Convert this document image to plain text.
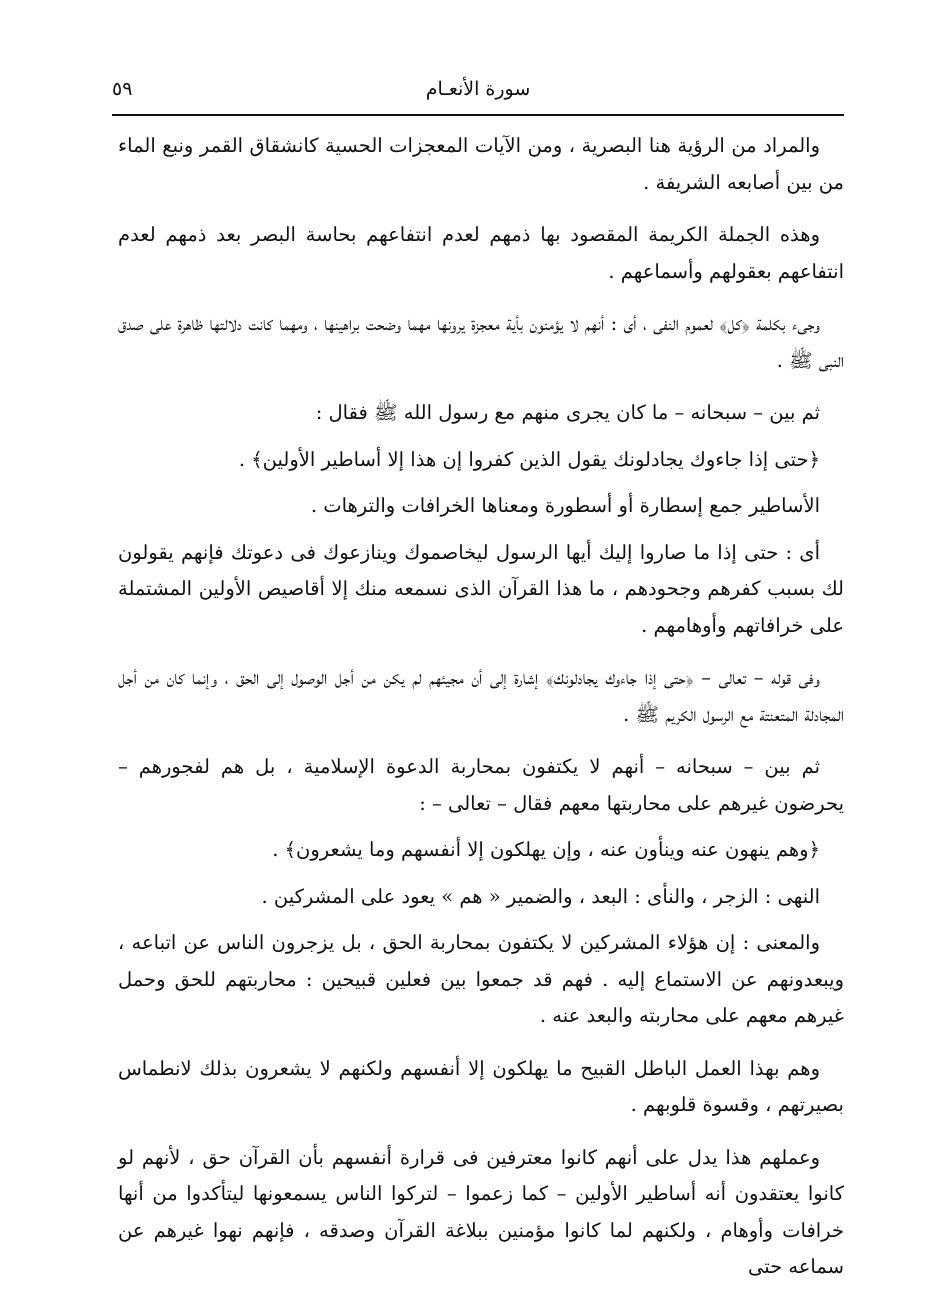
٥٩	سورة الأنعـام

والمراد من الرؤية هنا البصرية ، ومن الآيات المعجزات الحسية كانشقاق القمر ونبع الماء من بين أصابعه الشريفة .

وهذه الجملة الكريمة المقصود بها ذمهم لعدم انتفاعهم بحاسة البصر بعد ذمهم لعدم انتفاعهم بعقولهم وأسماعهم .

وجىء بكلمة ﴿كل﴾ لعموم النفى ، أى : أنهم لا يؤمنون بأية معجزة يرونها مهما وضحت براهينها ، ومهما كانت دلالتها ظاهرة على صدق النبى ﷺ .

ثم بين – سبحانه – ما كان يجرى منهم مع رسول الله ﷺ فقال :

﴿حتى إذا جاءوك يجادلونك يقول الذين كفروا إن هذا إلا أساطير الأولين﴾ .

الأساطير جمع إسطارة أو أسطورة ومعناها الخرافات والترهات .

أى : حتى إذا ما صاروا إليك أيها الرسول ليخاصموك وينازعوك فى دعوتك فإنهم يقولون لك بسبب كفرهم وجحودهم ، ما هذا القرآن الذى نسمعه منك إلا أقاصيص الأولين المشتملة على خرافاتهم وأوهامهم .

وفى قوله – تعالى – ﴿حتى إذا جاءوك يجادلونك﴾ إشارة إلى أن مجيئهم لم يكن من أجل الوصول إلى الحق ، وإنما كان من أجل المجادلة المتعنتة مع الرسول الكريم ﷺ .

ثم بين – سبحانه – أنهم لا يكتفون بمحاربة الدعوة الإسلامية ، بل هم لفجورهم – يحرضون غيرهم على محاربتها معهم فقال – تعالى – :

﴿وهم ينهون عنه وينأون عنه ، وإن يهلكون إلا أنفسهم وما يشعرون﴾ .

النهى : الزجر ، والنأى : البعد ، والضمير « هم » يعود على المشركين .

والمعنى : إن هؤلاء المشركين لا يكتفون بمحاربة الحق ، بل يزجرون الناس عن اتباعه ، ويبعدونهم عن الاستماع إليه . فهم قد جمعوا بين فعلين قبيحين : محاربتهم للحق وحمل غيرهم معهم على محاربته والبعد عنه .

وهم بهذا العمل الباطل القبيح ما يهلكون إلا أنفسهم ولكنهم لا يشعرون بذلك لانطماس بصيرتهم ، وقسوة قلوبهم .

وعملهم هذا يدل على أنهم كانوا معترفين فى قرارة أنفسهم بأن القرآن حق ، لأنهم لو كانوا يعتقدون أنه أساطير الأولين – كما زعموا – لتركوا الناس يسمعونها ليتأكدوا من أنها خرافات وأوهام ، ولكنهم لما كانوا مؤمنين ببلاغة القرآن وصدقه ، فإنهم نهوا غيرهم عن سماعه حتى
